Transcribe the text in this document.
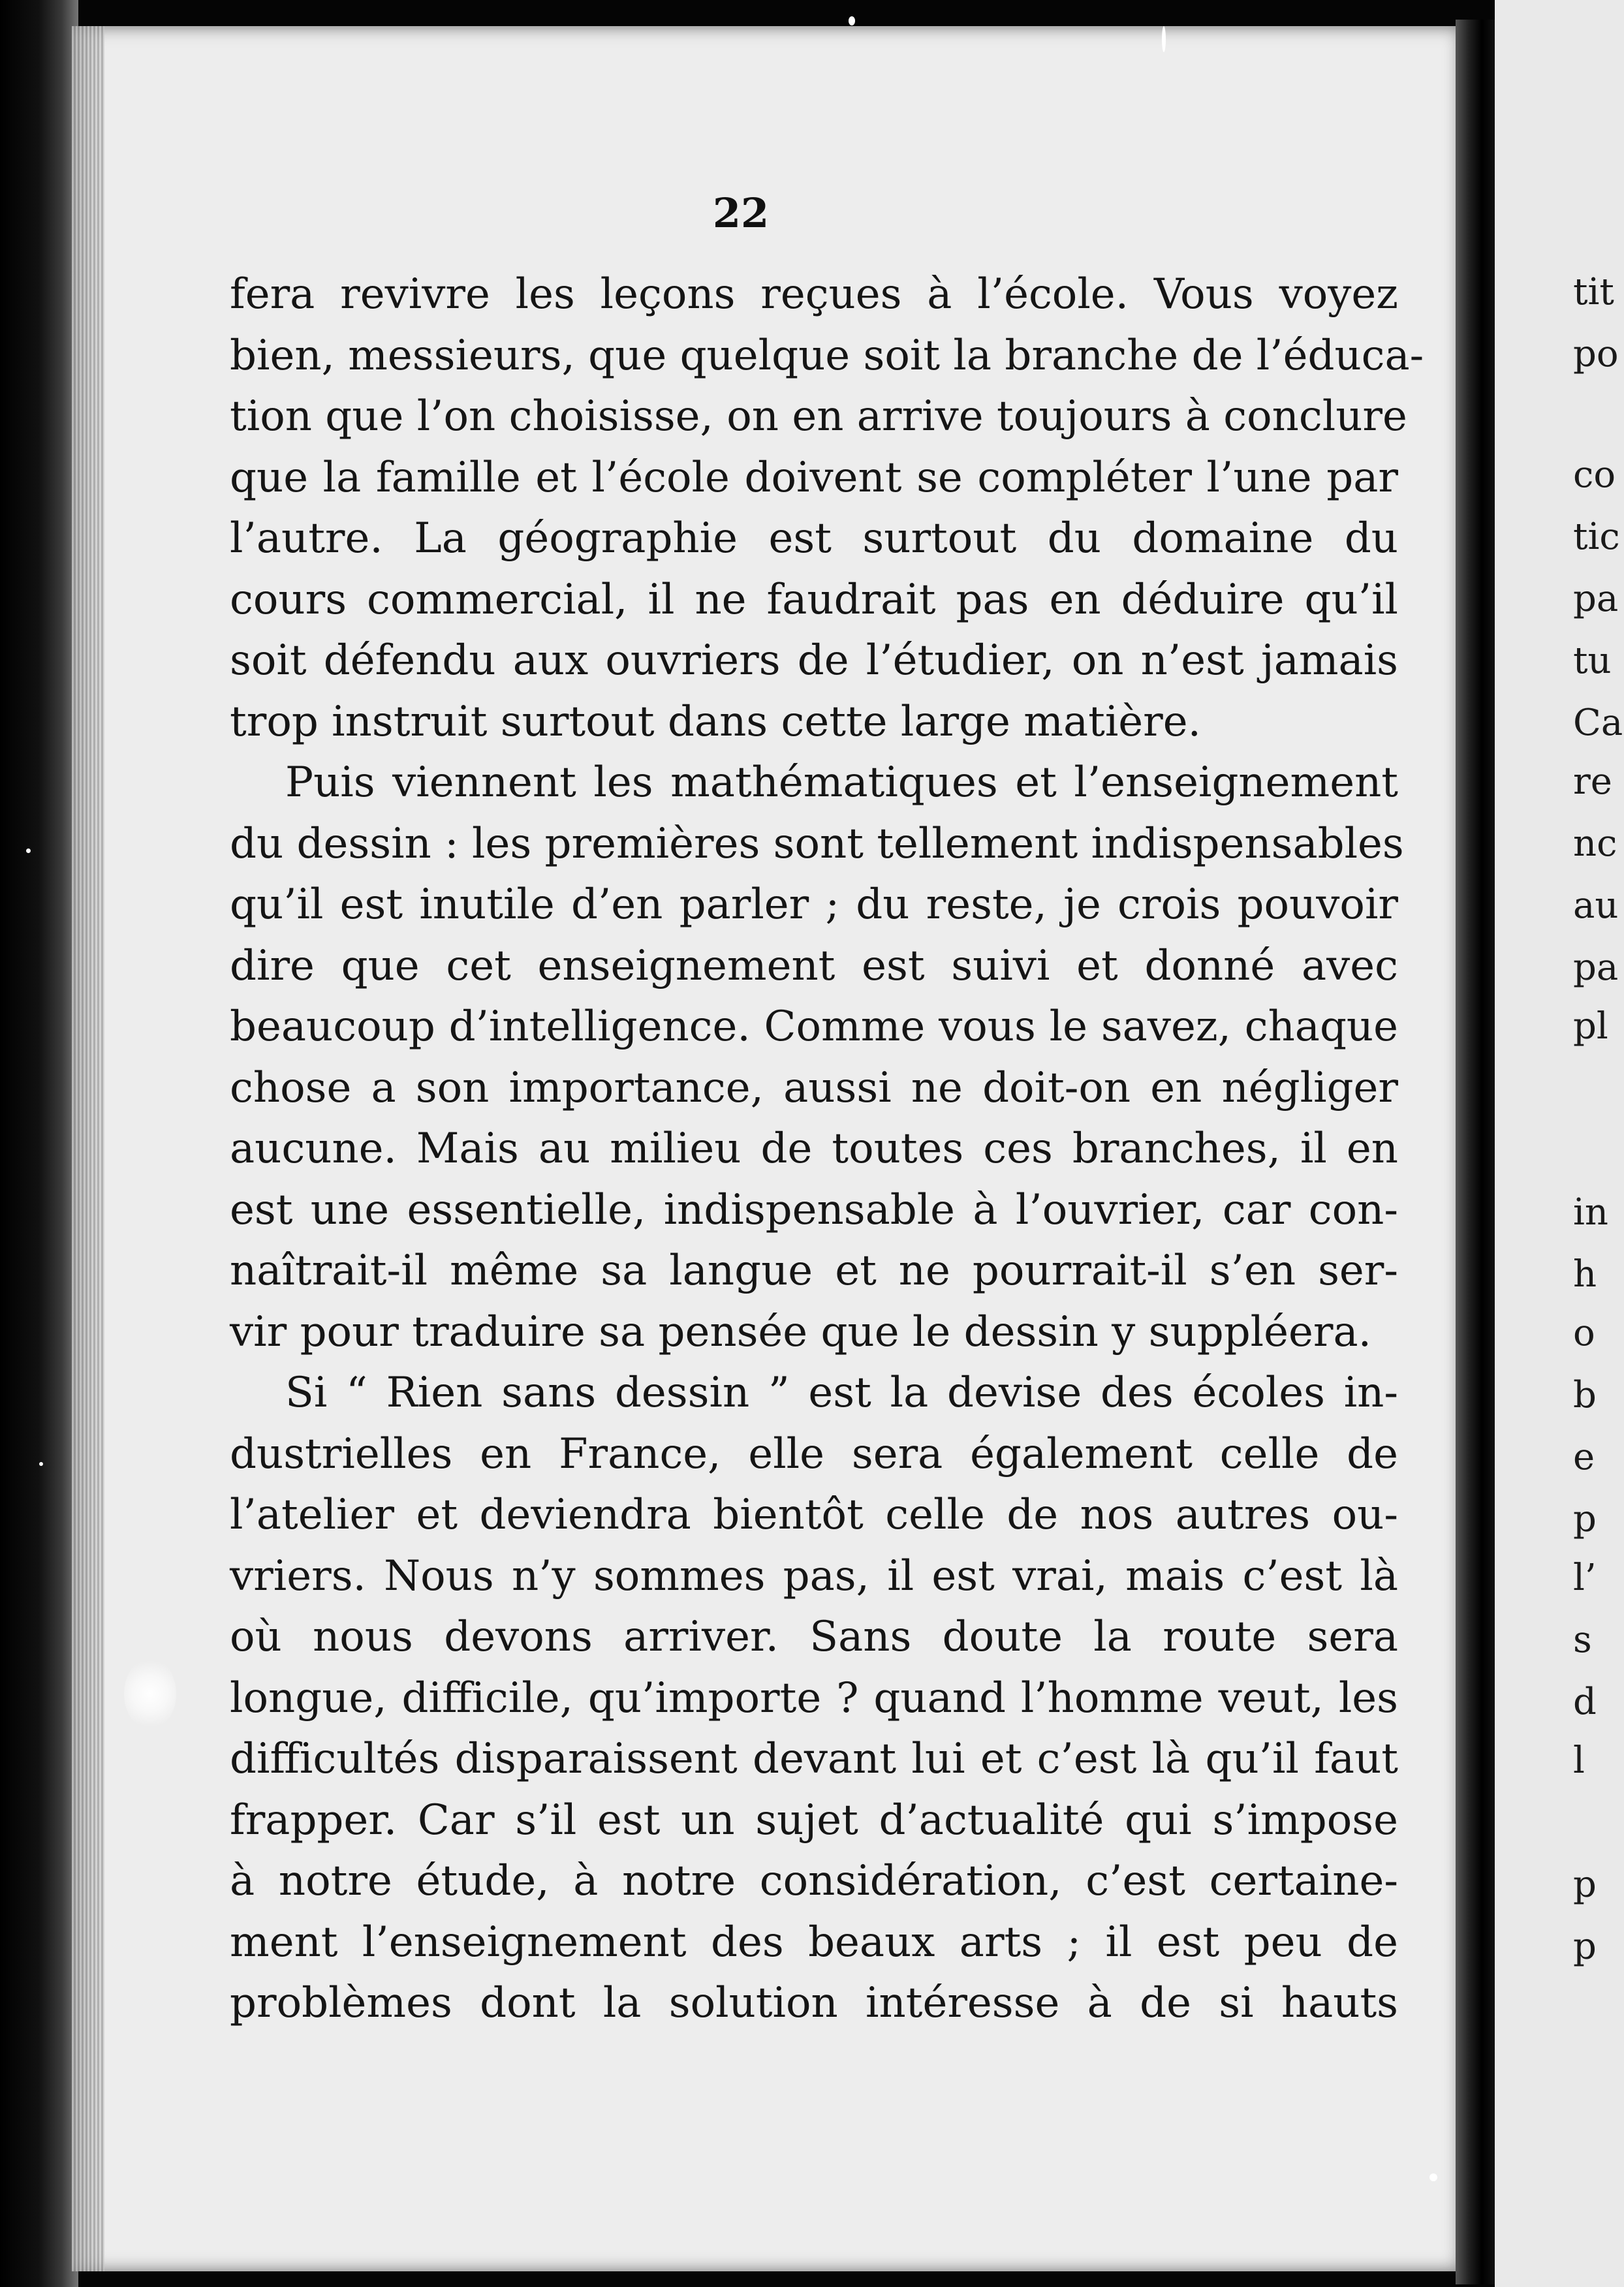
tit
po
co
tic
pa
tu
Ca
re
nc
au
pa
pl
in
h
o
b
e
p
l’
s
d
l
p
p
22
fera revivre les leçons reçues à l’école. Vous voyez
bien, messieurs, que quelque soit la branche de l’éduca-
tion que l’on choisisse, on en arrive toujours à conclure
que la famille et l’école doivent se compléter l’une par
l’autre. La géographie est surtout du domaine du
cours commercial, il ne faudrait pas en déduire qu’il
soit défendu aux ouvriers de l’étudier, on n’est jamais
trop instruit surtout dans cette large matière.
Puis viennent les mathématiques et l’enseignement
du dessin : les premières sont tellement indispensables
qu’il est inutile d’en parler ; du reste, je crois pouvoir
dire que cet enseignement est suivi et donné avec
beaucoup d’intelligence. Comme vous le savez, chaque
chose a son importance, aussi ne doit-on en négliger
aucune. Mais au milieu de toutes ces branches, il en
est une essentielle, indispensable à l’ouvrier, car con-
naîtrait-il même sa langue et ne pourrait-il s’en ser-
vir pour traduire sa pensée que le dessin y suppléera.
Si “ Rien sans dessin ” est la devise des écoles in-
dustrielles en France, elle sera également celle de
l’atelier et deviendra bientôt celle de nos autres ou-
vriers. Nous n’y sommes pas, il est vrai, mais c’est là
où nous devons arriver. Sans doute la route sera
longue, difficile, qu’importe ? quand l’homme veut, les
difficultés disparaissent devant lui et c’est là qu’il faut
frapper. Car s’il est un sujet d’actualité qui s’impose
à notre étude, à notre considération, c’est certaine-
ment l’enseignement des beaux arts ; il est peu de
problèmes dont la solution intéresse à de si hauts
